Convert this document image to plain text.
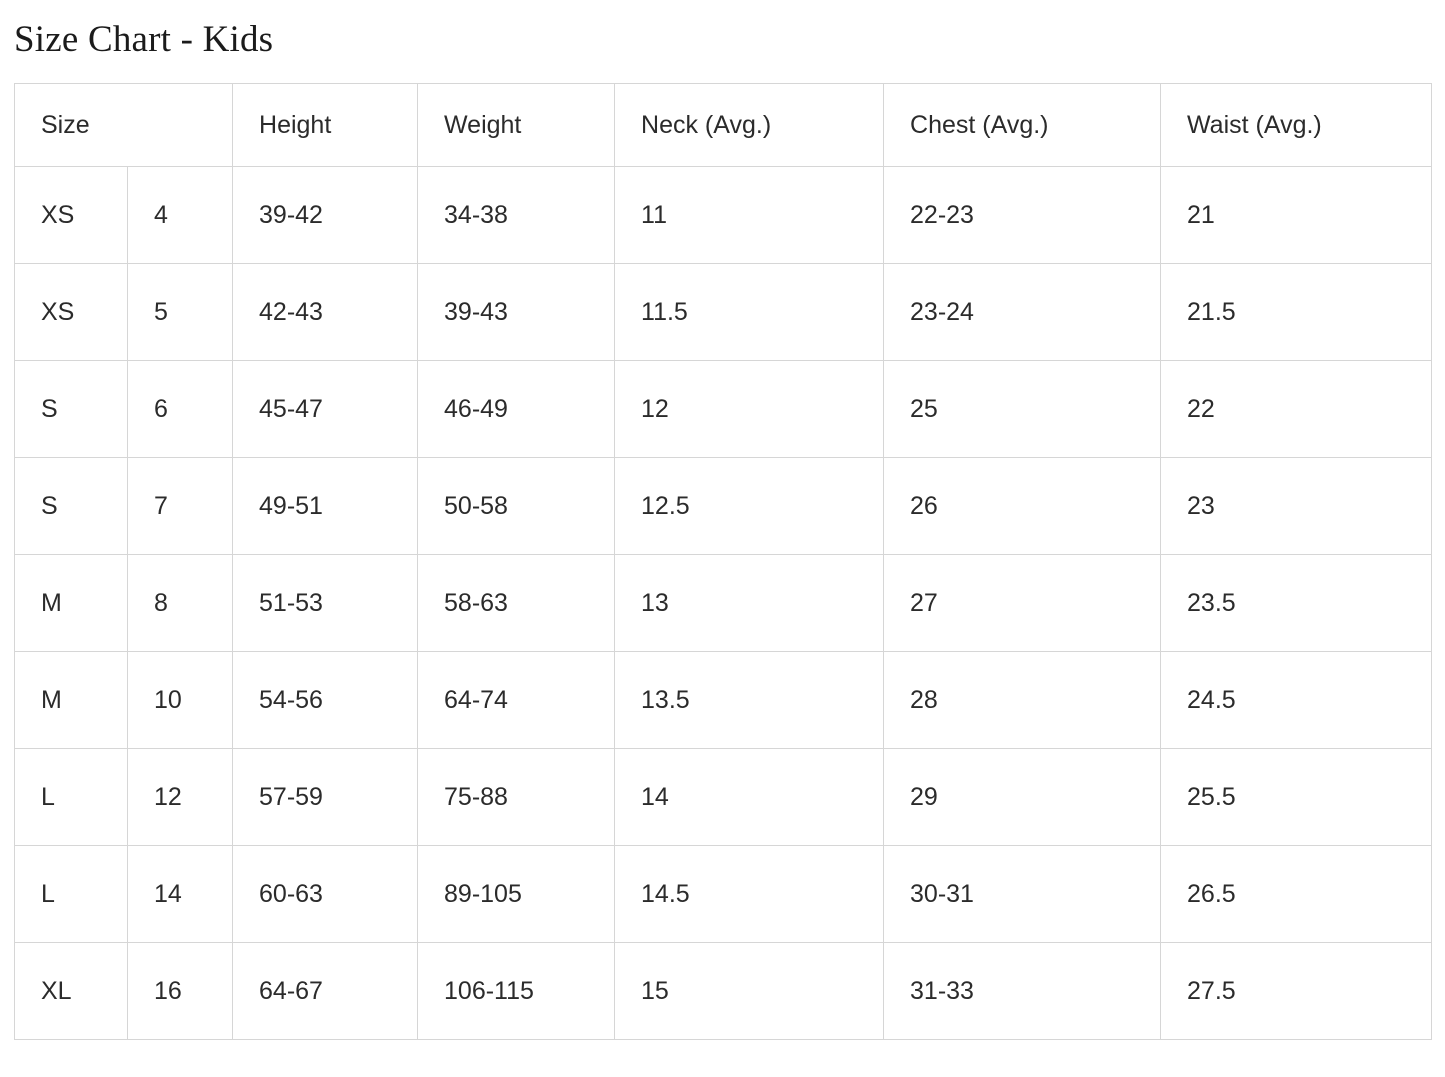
Size Chart - Kids
Size		Height	Weight	Neck (Avg.)	Chest (Avg.)	Waist (Avg.)
XS	4	39-42	34-38	11	22-23	21
XS	5	42-43	39-43	11.5	23-24	21.5
S	6	45-47	46-49	12	25	22
S	7	49-51	50-58	12.5	26	23
M	8	51-53	58-63	13	27	23.5
M	10	54-56	64-74	13.5	28	24.5
L	12	57-59	75-88	14	29	25.5
L	14	60-63	89-105	14.5	30-31	26.5
XL	16	64-67	106-115	15	31-33	27.5
